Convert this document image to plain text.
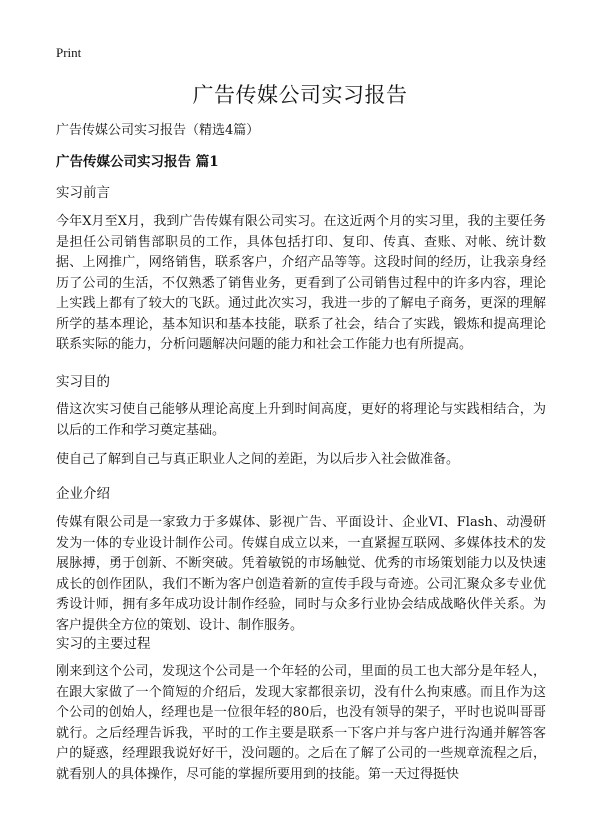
Print
广告传媒公司实习报告

广告传媒公司实习报告（精选4篇）

广告传媒公司实习报告 篇1

实习前言

今年X月至X月，我到广告传媒有限公司实习。在这近两个月的实习里，我的主要任务是担任公司销售部职员的工作，具体包括打印、复印、传真、查账、对帐、统计数据、上网推广，网络销售，联系客户，介绍产品等等。这段时间的经历，让我亲身经历了公司的生活，不仅熟悉了销售业务，更看到了公司销售过程中的许多内容，理论上实践上都有了较大的飞跃。通过此次实习，我进一步的了解电子商务，更深的理解所学的基本理论，基本知识和基本技能，联系了社会，结合了实践，锻炼和提高理论联系实际的能力，分析问题解决问题的能力和社会工作能力也有所提高。

实习目的

借这次实习使自己能够从理论高度上升到时间高度，更好的将理论与实践相结合，为以后的工作和学习奠定基础。

使自己了解到自己与真正职业人之间的差距，为以后步入社会做准备。

企业介绍

传媒有限公司是一家致力于多媒体、影视广告、平面设计、企业VI、Flash、动漫研发为一体的专业设计制作公司。传媒自成立以来，一直紧握互联网、多媒体技术的发展脉搏，勇于创新、不断突破。凭着敏锐的市场触觉、优秀的市场策划能力以及快速成长的创作团队，我们不断为客户创造着新的宣传手段与奇迹。公司汇聚众多专业优秀设计师，拥有多年成功设计制作经验，同时与众多行业协会结成战略伙伴关系。为客户提供全方位的策划、设计、制作服务。

实习的主要过程

刚来到这个公司，发现这个公司是一个年轻的公司，里面的员工也大部分是年轻人，在跟大家做了一个简短的介绍后，发现大家都很亲切，没有什么拘束感。而且作为这个公司的创始人，经理也是一位很年轻的80后，也没有领导的架子，平时也说叫哥哥就行。之后经理告诉我，平时的工作主要是联系一下客户并与客户进行沟通并解答客户的疑惑，经理跟我说好好干，没问题的。之后在了解了公司的一些规章流程之后，就看别人的具体操作，尽可能的掌握所要用到的技能。第一天过得挺快
